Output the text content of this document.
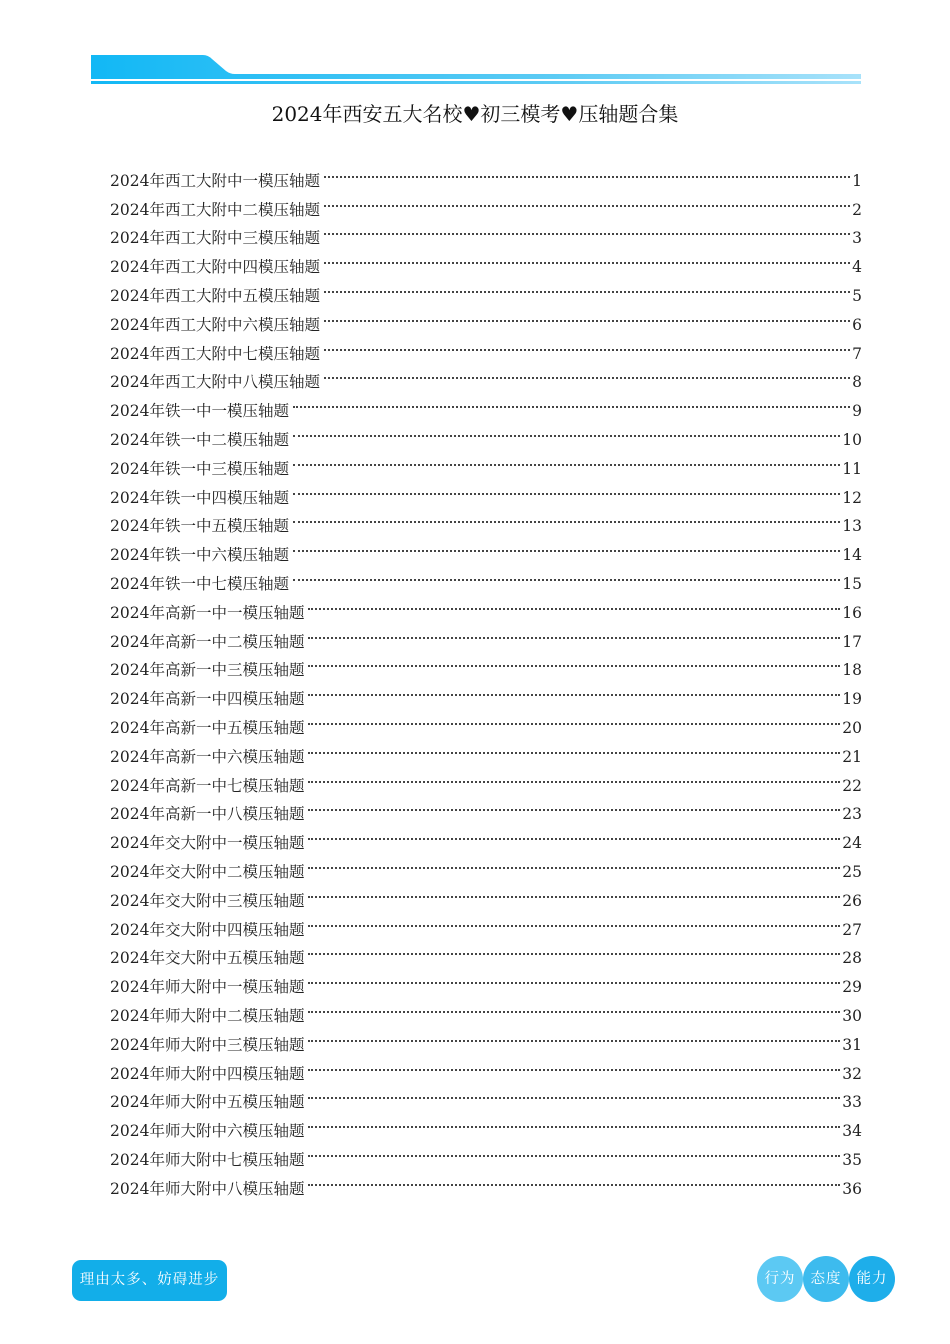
2024年西安五大名校♥初三模考♥压轴题合集
2024年西工大附中一模压轴题	1
2024年西工大附中二模压轴题	2
2024年西工大附中三模压轴题	3
2024年西工大附中四模压轴题	4
2024年西工大附中五模压轴题	5
2024年西工大附中六模压轴题	6
2024年西工大附中七模压轴题	7
2024年西工大附中八模压轴题	8
2024年铁一中一模压轴题	9
2024年铁一中二模压轴题	10
2024年铁一中三模压轴题	11
2024年铁一中四模压轴题	12
2024年铁一中五模压轴题	13
2024年铁一中六模压轴题	14
2024年铁一中七模压轴题	15
2024年高新一中一模压轴题	16
2024年高新一中二模压轴题	17
2024年高新一中三模压轴题	18
2024年高新一中四模压轴题	19
2024年高新一中五模压轴题	20
2024年高新一中六模压轴题	21
2024年高新一中七模压轴题	22
2024年高新一中八模压轴题	23
2024年交大附中一模压轴题	24
2024年交大附中二模压轴题	25
2024年交大附中三模压轴题	26
2024年交大附中四模压轴题	27
2024年交大附中五模压轴题	28
2024年师大附中一模压轴题	29
2024年师大附中二模压轴题	30
2024年师大附中三模压轴题	31
2024年师大附中四模压轴题	32
2024年师大附中五模压轴题	33
2024年师大附中六模压轴题	34
2024年师大附中七模压轴题	35
2024年师大附中八模压轴题	36
理由太多、妨碍进步	行为	态度	能力
